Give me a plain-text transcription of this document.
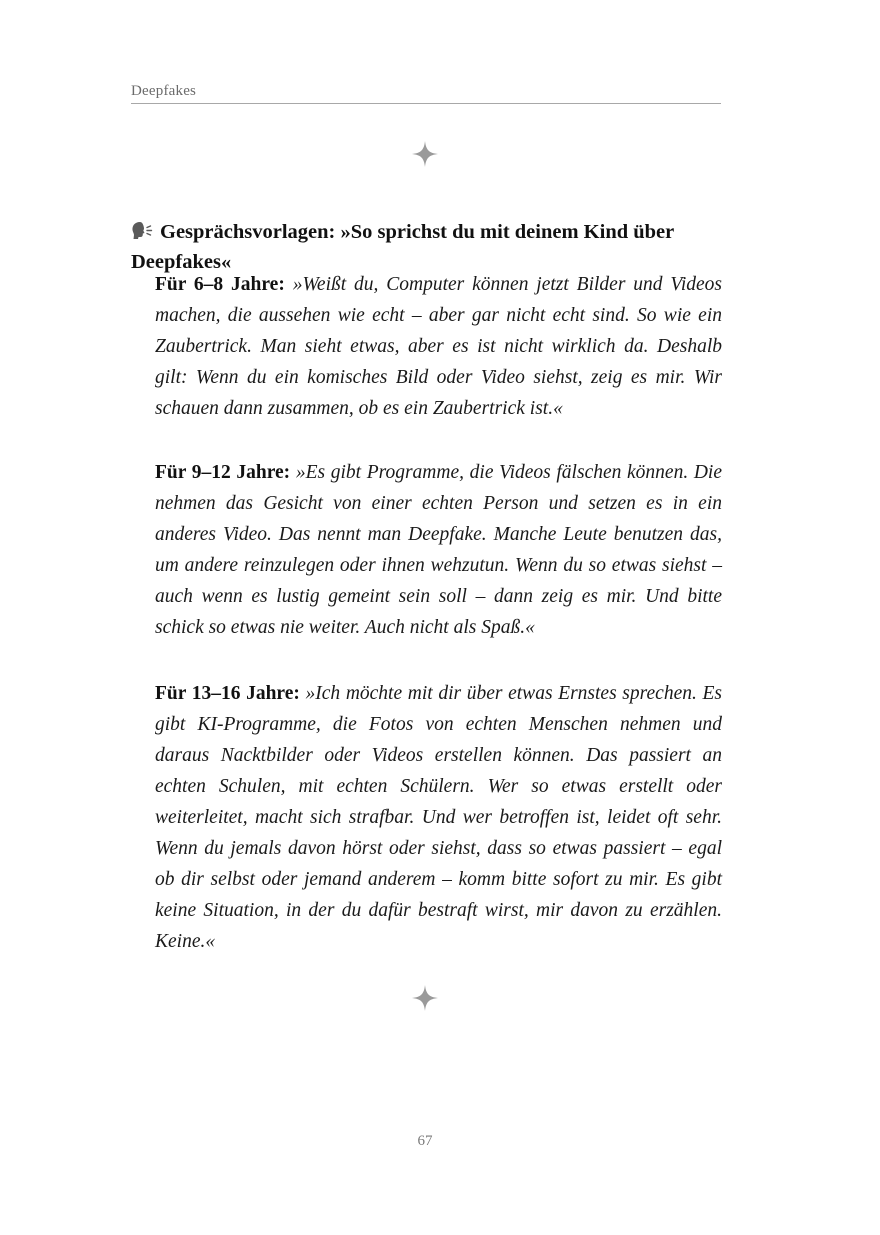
Deepfakes
Gesprächsvorlagen: »So sprichst du mit deinem Kind über Deepfakes«

Für 6–8 Jahre: »Weißt du, Computer können jetzt Bilder und Videos machen, die aussehen wie echt – aber gar nicht echt sind. So wie ein Zaubertrick. Man sieht etwas, aber es ist nicht wirklich da. Deshalb gilt: Wenn du ein komisches Bild oder Video siehst, zeig es mir. Wir schauen dann zusammen, ob es ein Zaubertrick ist.«

Für 9–12 Jahre: »Es gibt Programme, die Videos fälschen können. Die nehmen das Gesicht von einer echten Person und setzen es in ein anderes Video. Das nennt man Deepfake. Manche Leute benutzen das, um andere reinzulegen oder ihnen wehzutun. Wenn du so etwas siehst – auch wenn es lustig gemeint sein soll – dann zeig es mir. Und bitte schick so etwas nie weiter. Auch nicht als Spaß.«

Für 13–16 Jahre: »Ich möchte mit dir über etwas Ernstes sprechen. Es gibt KI-Programme, die Fotos von echten Menschen nehmen und daraus Nacktbilder oder Videos erstellen können. Das passiert an echten Schulen, mit echten Schülern. Wer so etwas erstellt oder weiterleitet, macht sich strafbar. Und wer betroffen ist, leidet oft sehr. Wenn du jemals davon hörst oder siehst, dass so etwas passiert – egal ob dir selbst oder jemand anderem – komm bitte sofort zu mir. Es gibt keine Situation, in der du dafür bestraft wirst, mir davon zu erzählen. Keine.«

67
